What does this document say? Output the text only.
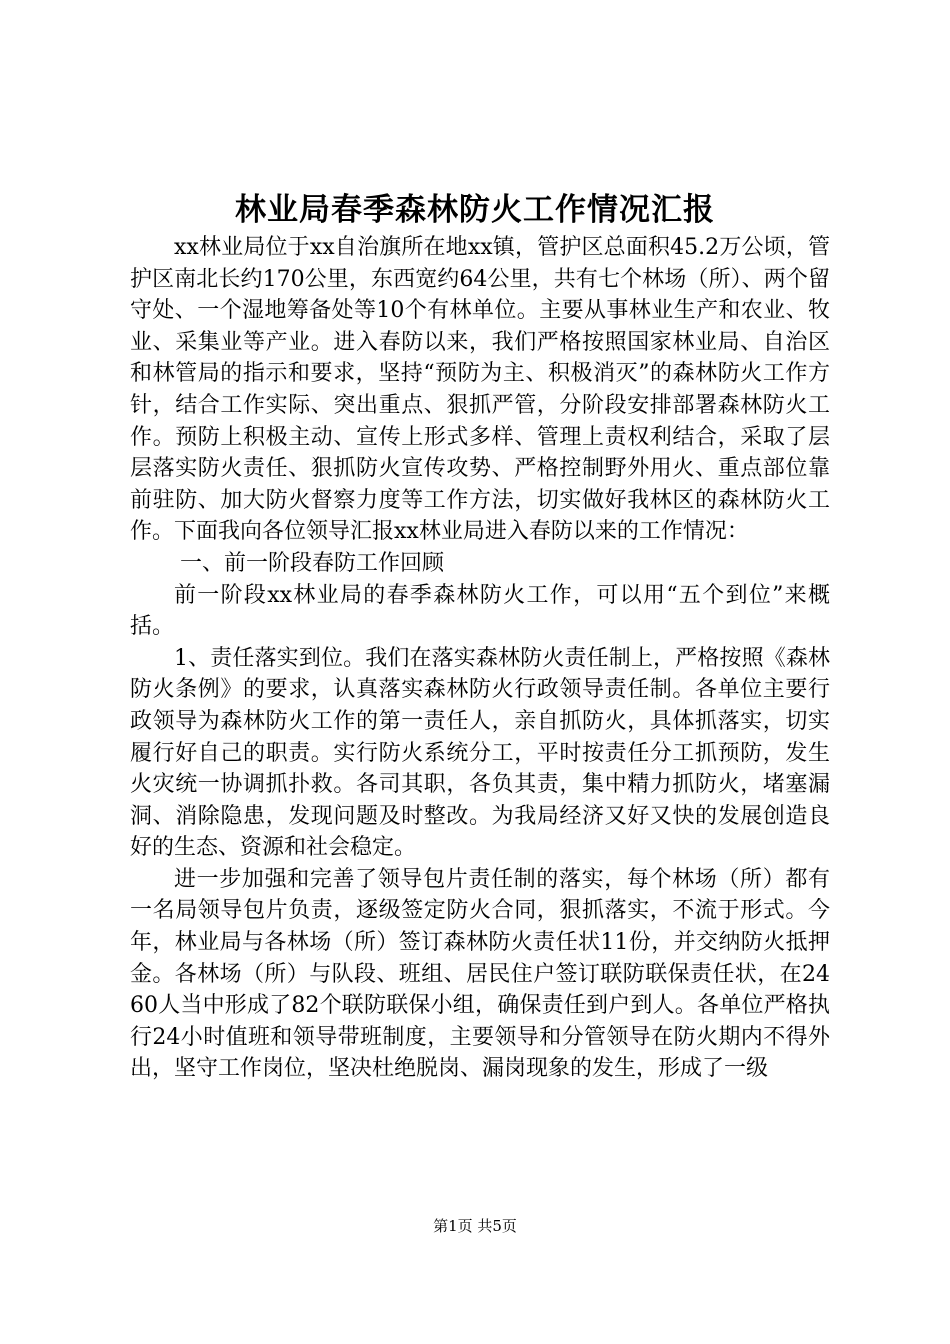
林业局春季森林防火工作情况汇报

xx林业局位于xx自治旗所在地xx镇，管护区总面积45.2万公顷，管护区南北长约170公里，东西宽约64公里，共有七个林场（所）、两个留守处、一个湿地筹备处等10个有林单位。主要从事林业生产和农业、牧业、采集业等产业。进入春防以来，我们严格按照国家林业局、自治区和林管局的指示和要求，坚持“预防为主、积极消灭”的森林防火工作方针，结合工作实际、突出重点、狠抓严管，分阶段安排部署森林防火工作。预防上积极主动、宣传上形式多样、管理上责权利结合，采取了层层落实防火责任、狠抓防火宣传攻势、严格控制野外用火、重点部位靠前驻防、加大防火督察力度等工作方法，切实做好我林区的森林防火工作。下面我向各位领导汇报xx林业局进入春防以来的工作情况：

一、前一阶段春防工作回顾

前一阶段xx林业局的春季森林防火工作，可以用“五个到位”来概括。

1、责任落实到位。我们在落实森林防火责任制上，严格按照《森林防火条例》的要求，认真落实森林防火行政领导责任制。各单位主要行政领导为森林防火工作的第一责任人，亲自抓防火，具体抓落实，切实履行好自己的职责。实行防火系统分工，平时按责任分工抓预防，发生火灾统一协调抓扑救。各司其职，各负其责，集中精力抓防火，堵塞漏洞、消除隐患，发现问题及时整改。为我局经济又好又快的发展创造良好的生态、资源和社会稳定。

进一步加强和完善了领导包片责任制的落实，每个林场（所）都有一名局领导包片负责，逐级签定防火合同，狠抓落实，不流于形式。今年，林业局与各林场（所）签订森林防火责任状11份，并交纳防火抵押金。各林场（所）与队段、班组、居民住户签订联防联保责任状，在2460人当中形成了82个联防联保小组，确保责任到户到人。各单位严格执行24小时值班和领导带班制度，主要领导和分管领导在防火期内不得外出，坚守工作岗位，坚决杜绝脱岗、漏岗现象的发生，形成了一级

第1页 共5页
